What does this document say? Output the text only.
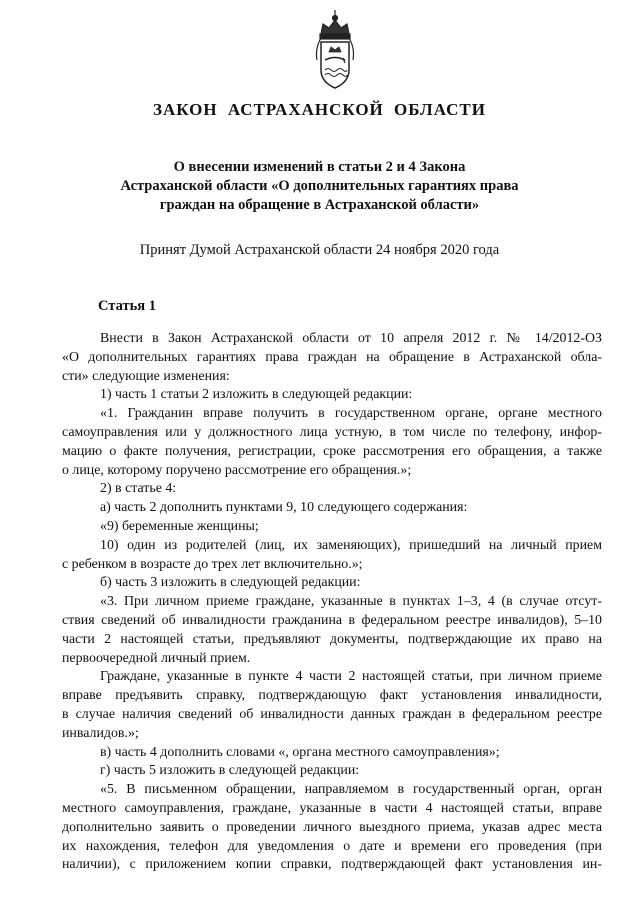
ЗАКОН АСТРАХАНСКОЙ ОБЛАСТИ
О внесении изменений в статьи 2 и 4 Закона
Астраханской области «О дополнительных гарантиях права
граждан на обращение в Астраханской области»
Принят Думой Астраханской области 24 ноября 2020 года
Статья 1
Внести в Закон Астраханской области от 10 апреля 2012 г. № 14/2012-ОЗ
«О дополнительных гарантиях права граждан на обращение в Астраханской обла-
сти» следующие изменения:
1) часть 1 статьи 2 изложить в следующей редакции:
«1. Гражданин вправе получить в государственном органе, органе местного
самоуправления или у должностного лица устную, в том числе по телефону, инфор-
мацию о факте получения, регистрации, сроке рассмотрения его обращения, а также
о лице, которому поручено рассмотрение его обращения.»;
2) в статье 4:
а) часть 2 дополнить пунктами 9, 10 следующего содержания:
«9) беременные женщины;
10) один из родителей (лиц, их заменяющих), пришедший на личный прием
с ребенком в возрасте до трех лет включительно.»;
б) часть 3 изложить в следующей редакции:
«3. При личном приеме граждане, указанные в пунктах 1–3, 4 (в случае отсут-
ствия сведений об инвалидности гражданина в федеральном реестре инвалидов), 5–10
части 2 настоящей статьи, предъявляют документы, подтверждающие их право на
первоочередной личный прием.
Граждане, указанные в пункте 4 части 2 настоящей статьи, при личном приеме
вправе предъявить справку, подтверждающую факт установления инвалидности,
в случае наличия сведений об инвалидности данных граждан в федеральном реестре
инвалидов.»;
в) часть 4 дополнить словами «, органа местного самоуправления»;
г) часть 5 изложить в следующей редакции:
«5. В письменном обращении, направляемом в государственный орган, орган
местного самоуправления, граждане, указанные в части 4 настоящей статьи, вправе
дополнительно заявить о проведении личного выездного приема, указав адрес места
их нахождения, телефон для уведомления о дате и времени его проведения (при
наличии), с приложением копии справки, подтверждающей факт установления ин-
